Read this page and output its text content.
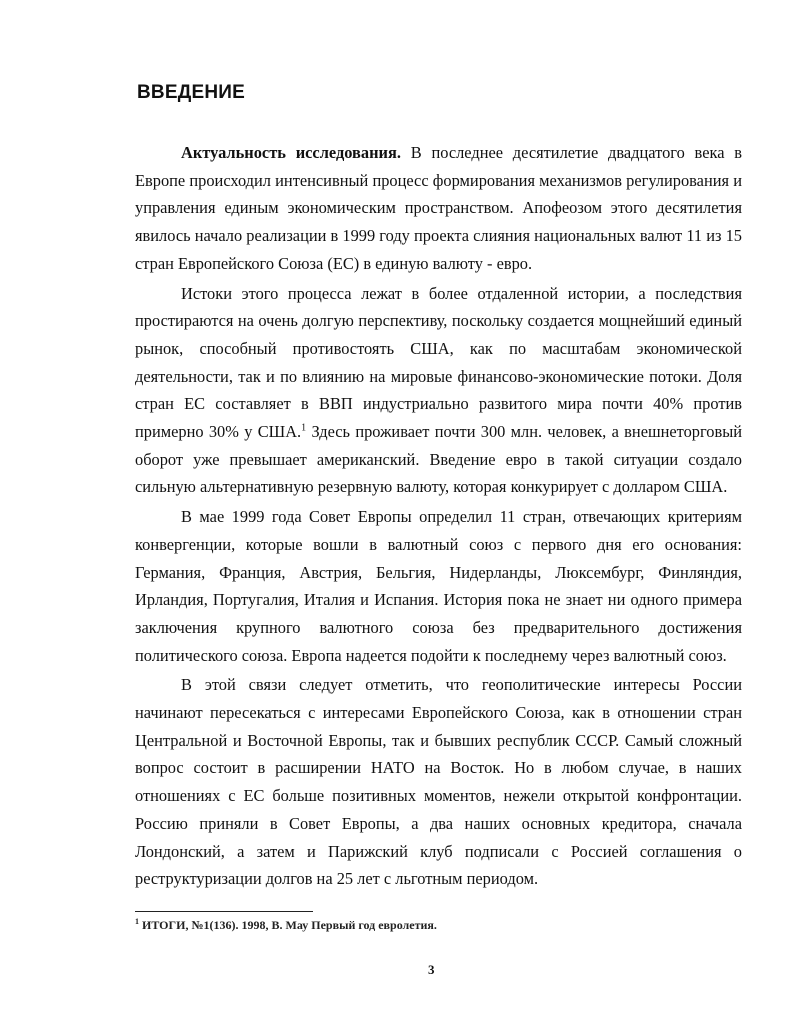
ВВЕДЕНИЕ

Актуальность исследования. В последнее десятилетие двадцатого века в Европе происходил интенсивный процесс формирования механизмов регулирования и управления единым экономическим пространством. Апофеозом этого десятилетия явилось начало реализации в 1999 году проекта слияния национальных валют 11 из 15 стран Европейского Союза (ЕС) в единую валюту - евро.

Истоки этого процесса лежат в более отдаленной истории, а последствия простираются на очень долгую перспективу, поскольку создается мощнейший единый рынок, способный противостоять США, как по масштабам экономической деятельности, так и по влиянию на мировые финансово-экономические потоки. Доля стран ЕС составляет в ВВП индустриально развитого мира почти 40% против примерно 30% у США.$^1$ Здесь проживает почти 300 млн. человек, а внешнеторговый оборот уже превышает американский. Введение евро в такой ситуации создало сильную альтернативную резервную валюту, которая конкурирует с долларом США.

В мае 1999 года Совет Европы определил 11 стран, отвечающих критериям конвергенции, которые вошли в валютный союз с первого дня его основания: Германия, Франция, Австрия, Бельгия, Нидерланды, Люксембург, Финляндия, Ирландия, Португалия, Италия и Испания. История пока не знает ни одного примера заключения крупного валютного союза без предварительного достижения политического союза. Европа надеется подойти к последнему через валютный союз.

В этой связи следует отметить, что геополитические интересы России начинают пересекаться с интересами Европейского Союза, как в отношении стран Центральной и Восточной Европы, так и бывших республик СССР. Самый сложный вопрос состоит в расширении НАТО на Восток. Но в любом случае, в наших отношениях с ЕС больше позитивных моментов, нежели открытой конфронтации. Россию приняли в Совет Европы, а два наших основных кредитора, сначала Лондонский, а затем и Парижский клуб подписали с Россией соглашения о реструктуризации долгов на 25 лет с льготным периодом.

$^1$ ИТОГИ, №1(136). 1998, В. Мау Первый год евролетия.
3
